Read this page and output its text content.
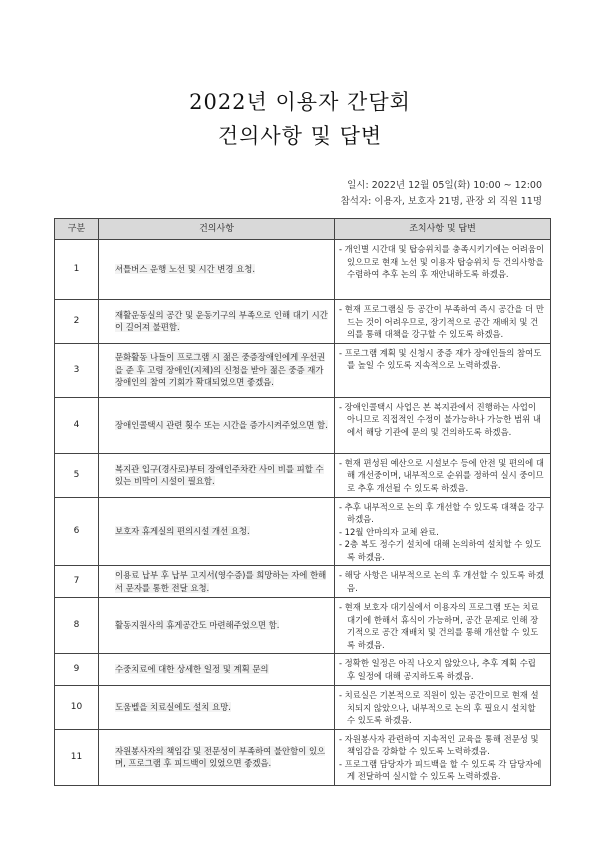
2022년 이용자 간담회
건의사항 및 답변
일시: 2022년 12월 05일(화) 10:00 ~ 12:00
참석자: 이용자, 보호자 21명, 관장 외 직원 11명
구분	건의사항	조치사항 및 답변
1	셔틀버스 운행 노선 및 시간 변경 요청.	- 개인별 시간대 및 탑승위치를 충족시키기에는 어려움이 있으므로 현재 노선 및 이용자 탑승위치 등 건의사항을 수렴하여 추후 논의 후 재안내하도록 하겠음.

2	재활운동실의 공간 및 운동기구의 부족으로 인해 대기 시간이 길어져 불편함.	- 현재 프로그램실 등 공간이 부족하여 즉시 공간을 더 만드는 것이 어려우므로, 장기적으로 공간 재배치 및 건의를 통해 대책을 강구할 수 있도록 하겠음.

3	문화활동 나들이 프로그램 시 젊은 중증장애인에게 우선권을 준 후 고령 장애인(지체)의 신청을 받아 젊은 중증 재가 장애인의 참여 기회가 확대되었으면 좋겠음.	- 프로그램 계획 및 신청시 중증 재가 장애인들의 참여도를 높일 수 있도록 지속적으로 노력하겠음.

4	장애인콜택시 관련 횟수 또는 시간을 증가시켜주었으면 함.	- 장애인콜택시 사업은 본 복지관에서 진행하는 사업이 아니므로 직접적인 수정이 불가능하나 가능한 범위 내에서 해당 기관에 문의 및 건의하도록 하겠음.

5	복지관 입구(경사로)부터 장애인주차칸 사이 비를 피할 수 있는 비막이 시설이 필요함.	- 현재 편성된 예산으로 시설보수 등에 안전 및 편의에 대해 개선중이며, 내부적으로 순위를 정하여 실시 중이므로 추후 개선될 수 있도록 하겠음.

6	보호자 휴게실의 편의시설 개선 요청.	- 추후 내부적으로 논의 후 개선할 수 있도록 대책을 강구하겠음.
- 12월 안마의자 교체 완료.
- 2층 복도 정수기 설치에 대해 논의하여 설치할 수 있도록 하겠음.

7	이용료 납부 후 납부 고지서(영수증)를 희망하는 자에 한해서 문자를 통한 전달 요청.	- 해당 사항은 내부적으로 논의 후 개선할 수 있도록 하겠음.

8	활동지원사의 휴게공간도 마련해주었으면 함.	- 현재 보호자 대기실에서 이용자의 프로그램 또는 치료 대기에 한해서 휴식이 가능하며, 공간 문제로 인해 장기적으로 공간 재배치 및 건의를 통해 개선할 수 있도록 하겠음.

9	수중치료에 대한 상세한 일정 및 계획 문의	- 정확한 일정은 아직 나오지 않았으나, 추후 계획 수립 후 일정에 대해 공지하도록 하겠음.

10	도움벨을 치료실에도 설치 요망.	- 치료실은 기본적으로 직원이 있는 공간이므로 현재 설치되지 않았으나, 내부적으로 논의 후 필요시 설치할 수 있도록 하겠음.

11	자원봉사자의 책임감 및 전문성이 부족하여 불안함이 있으며, 프로그램 후 피드백이 있었으면 좋겠음.	- 자원봉사자 관련하여 지속적인 교육을 통해 전문성 및 책임감을 강화할 수 있도록 노력하겠음.
- 프로그램 담당자가 피드백을 할 수 있도록 각 담당자에게 전달하여 실시할 수 있도록 노력하겠음.
